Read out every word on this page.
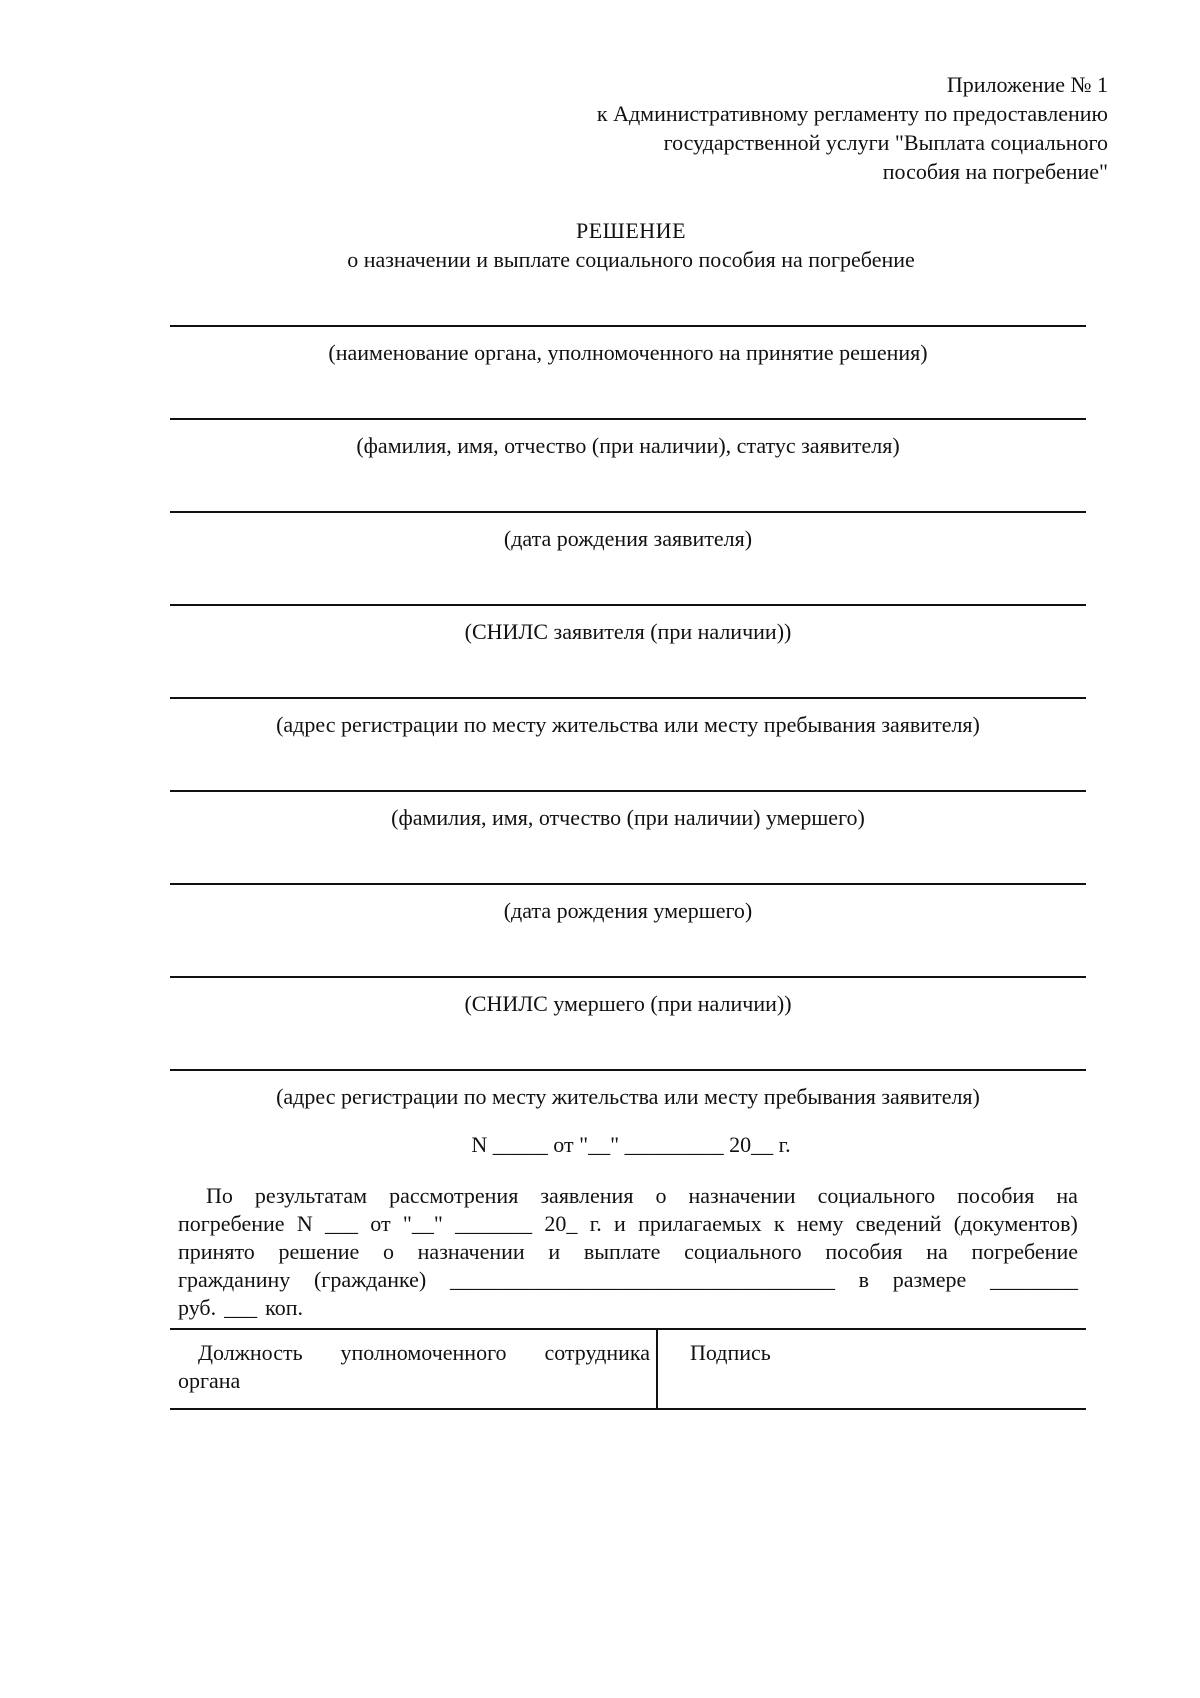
Приложение № 1
к Административному регламенту по предоставлению
государственной услуги "Выплата социального
пособия на погребение"
РЕШЕНИЕ
о назначении и выплате социального пособия на погребение
(наименование органа, уполномоченного на принятие решения)
(фамилия, имя, отчество (при наличии), статус заявителя)
(дата рождения заявителя)
(СНИЛС заявителя (при наличии))
(адрес регистрации по месту жительства или месту пребывания заявителя)
(фамилия, имя, отчество (при наличии) умершего)
(дата рождения умершего)
(СНИЛС умершего (при наличии))
(адрес регистрации по месту жительства или месту пребывания заявителя)
N _____ от "__" _________ 20__ г.
По результатам рассмотрения заявления о назначении социального пособия на
погребение N ___ от "__" _______ 20_ г. и прилагаемых к нему сведений (документов)
принято решение о назначении и выплате социального пособия на погребение
гражданину (гражданке) ___________________________________ в размере ________
руб. ___ коп.
Должность уполномоченного сотрудника
органа
Подпись
